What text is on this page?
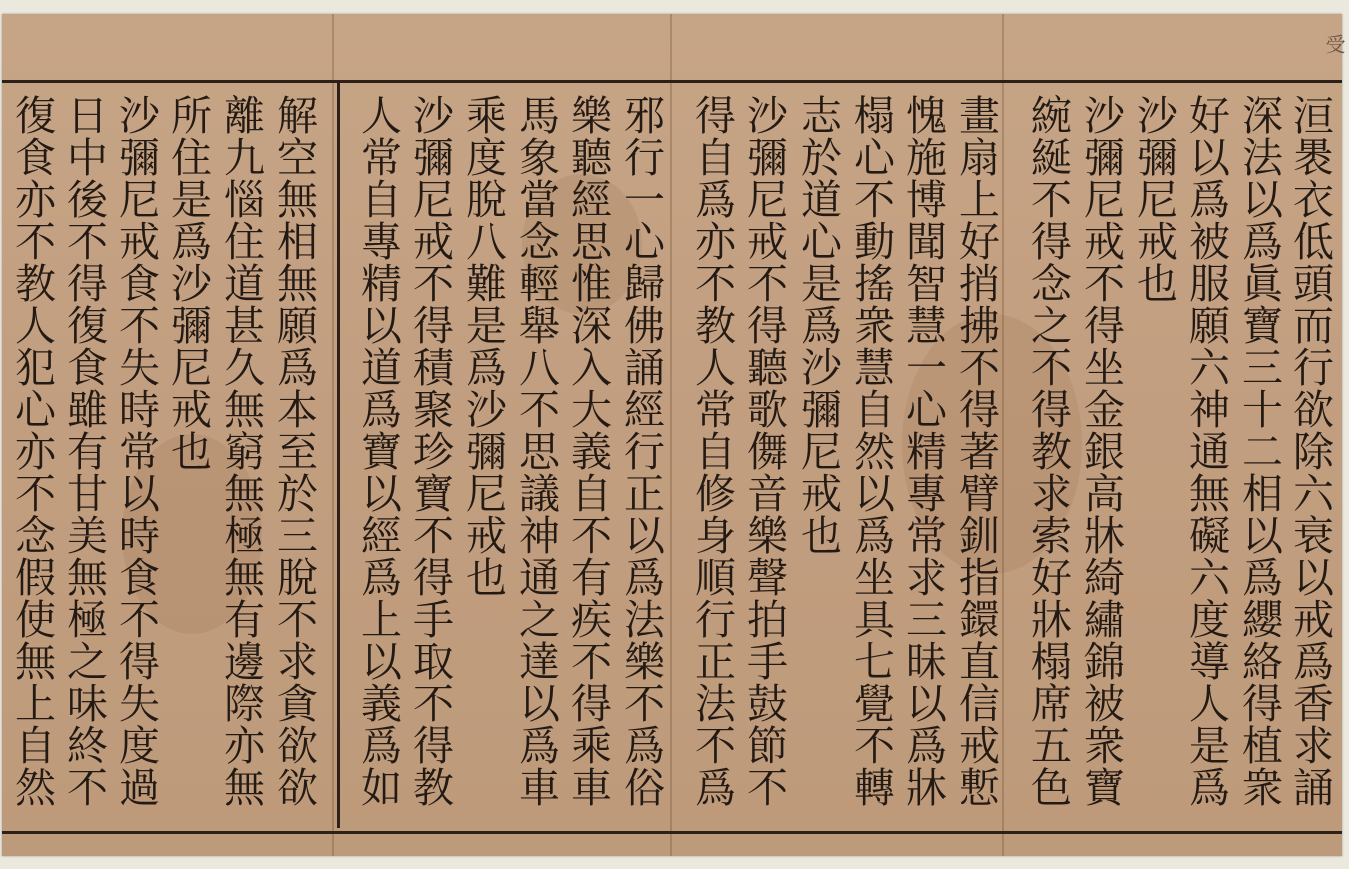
受
洹褁衣低頭而行欲除六衰以戒爲香求誦
深法以爲眞寶三十二相以爲纓絡得植衆
好以爲被服願六神通無礙六度導人是爲
沙彌尼戒也
沙彌尼戒不得坐金銀高牀綺繡錦被衆寶
綩綖不得念之不得教求索好牀榻席五色
畫扇上好捎拂不得著臂釧指鐶直信戒慙
愧施博聞智慧一心精專常求三昧以爲牀
榻心不動搖衆慧自然以爲坐具七覺不轉
志於道心是爲沙彌尼戒也
沙彌尼戒不得聽歌儛音樂聲拍手鼓節不
得自爲亦不教人常自修身順行正法不爲
邪行一心歸佛誦經行正以爲法樂不爲俗
樂聽經思惟深入大義自不有疾不得乘車
馬象當念輕舉八不思議神通之達以爲車
乘度脫八難是爲沙彌尼戒也
沙彌尼戒不得積聚珍寶不得手取不得教
人常自專精以道爲寶以經爲上以義爲如
解空無相無願爲本至於三脫不求貪欲欲
離九惱住道甚久無窮無極無有邊際亦無
所住是爲沙彌尼戒也
沙彌尼戒食不失時常以時食不得失度過
日中後不得復食雖有甘美無極之味終不
復食亦不教人犯心亦不念假使無上自然
